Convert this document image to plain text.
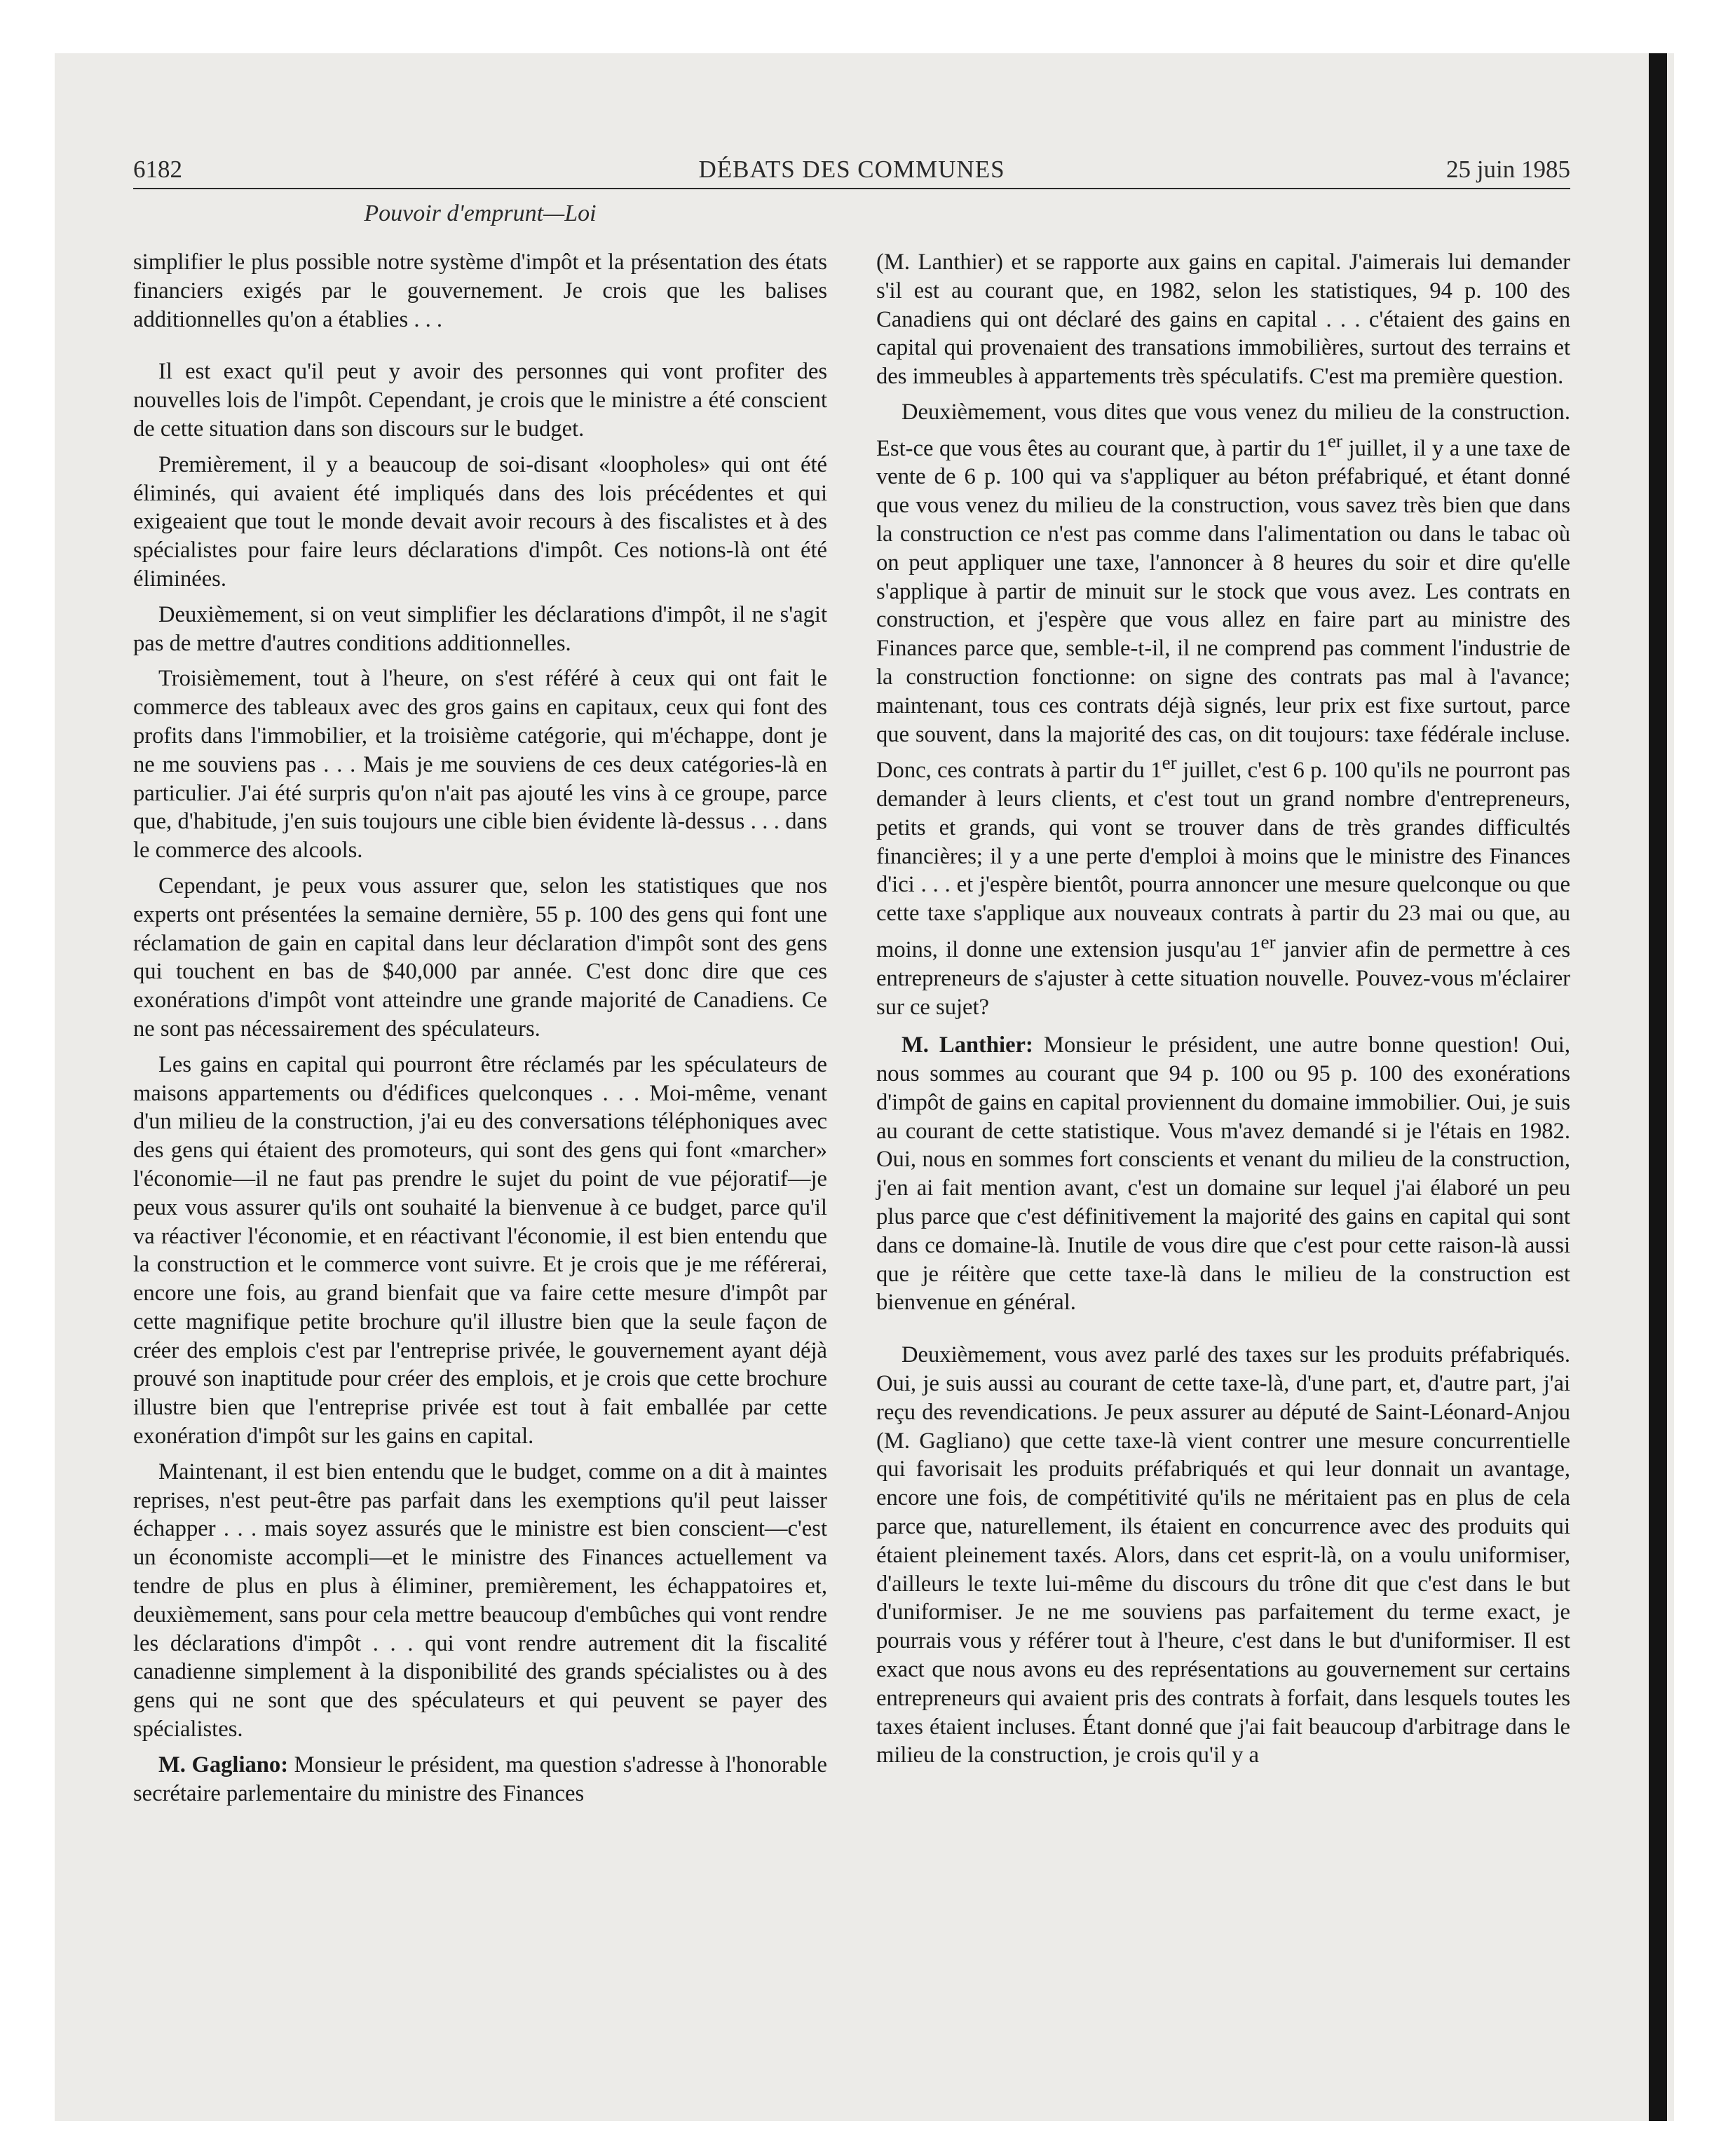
6182	DÉBATS DES COMMUNES	25 juin 1985
Pouvoir d'emprunt—Loi

simplifier le plus possible notre système d'impôt et la présentation des états financiers exigés par le gouvernement. Je crois que les balises additionnelles qu'on a établies . . .

Il est exact qu'il peut y avoir des personnes qui vont profiter des nouvelles lois de l'impôt. Cependant, je crois que le ministre a été conscient de cette situation dans son discours sur le budget.

Premièrement, il y a beaucoup de soi-disant «loopholes» qui ont été éliminés, qui avaient été impliqués dans des lois précédentes et qui exigeaient que tout le monde devait avoir recours à des fiscalistes et à des spécialistes pour faire leurs déclarations d'impôt. Ces notions-là ont été éliminées.

Deuxièmement, si on veut simplifier les déclarations d'impôt, il ne s'agit pas de mettre d'autres conditions additionnelles.

Troisièmement, tout à l'heure, on s'est référé à ceux qui ont fait le commerce des tableaux avec des gros gains en capitaux, ceux qui font des profits dans l'immobilier, et la troisième catégorie, qui m'échappe, dont je ne me souviens pas . . . Mais je me souviens de ces deux catégories-là en particulier. J'ai été surpris qu'on n'ait pas ajouté les vins à ce groupe, parce que, d'habitude, j'en suis toujours une cible bien évidente là-dessus . . . dans le commerce des alcools.

Cependant, je peux vous assurer que, selon les statistiques que nos experts ont présentées la semaine dernière, 55 p. 100 des gens qui font une réclamation de gain en capital dans leur déclaration d'impôt sont des gens qui touchent en bas de $40,000 par année. C'est donc dire que ces exonérations d'impôt vont atteindre une grande majorité de Canadiens. Ce ne sont pas nécessairement des spéculateurs.

Les gains en capital qui pourront être réclamés par les spéculateurs de maisons appartements ou d'édifices quelconques . . . Moi-même, venant d'un milieu de la construction, j'ai eu des conversations téléphoniques avec des gens qui étaient des promoteurs, qui sont des gens qui font «marcher» l'économie—il ne faut pas prendre le sujet du point de vue péjoratif—je peux vous assurer qu'ils ont souhaité la bienvenue à ce budget, parce qu'il va réactiver l'économie, et en réactivant l'économie, il est bien entendu que la construction et le commerce vont suivre. Et je crois que je me référerai, encore une fois, au grand bienfait que va faire cette mesure d'impôt par cette magnifique petite brochure qu'il illustre bien que la seule façon de créer des emplois c'est par l'entreprise privée, le gouvernement ayant déjà prouvé son inaptitude pour créer des emplois, et je crois que cette brochure illustre bien que l'entreprise privée est tout à fait emballée par cette exonération d'impôt sur les gains en capital.

Maintenant, il est bien entendu que le budget, comme on a dit à maintes reprises, n'est peut-être pas parfait dans les exemptions qu'il peut laisser échapper . . . mais soyez assurés que le ministre est bien conscient—c'est un économiste accompli—et le ministre des Finances actuellement va tendre de plus en plus à éliminer, premièrement, les échappatoires et, deuxièmement, sans pour cela mettre beaucoup d'embûches qui vont rendre les déclarations d'impôt . . . qui vont rendre autrement dit la fiscalité canadienne simplement à la disponibilité des grands spécialistes ou à des gens qui ne sont que des spéculateurs et qui peuvent se payer des spécialistes.

M. Gagliano: Monsieur le président, ma question s'adresse à l'honorable secrétaire parlementaire du ministre des Finances

(M. Lanthier) et se rapporte aux gains en capital. J'aimerais lui demander s'il est au courant que, en 1982, selon les statistiques, 94 p. 100 des Canadiens qui ont déclaré des gains en capital . . . c'étaient des gains en capital qui provenaient des transations immobilières, surtout des terrains et des immeubles à appartements très spéculatifs. C'est ma première question.

Deuxièmement, vous dites que vous venez du milieu de la construction. Est-ce que vous êtes au courant que, à partir du 1er juillet, il y a une taxe de vente de 6 p. 100 qui va s'appliquer au béton préfabriqué, et étant donné que vous venez du milieu de la construction, vous savez très bien que dans la construction ce n'est pas comme dans l'alimentation ou dans le tabac où on peut appliquer une taxe, l'annoncer à 8 heures du soir et dire qu'elle s'applique à partir de minuit sur le stock que vous avez. Les contrats en construction, et j'espère que vous allez en faire part au ministre des Finances parce que, semble-t-il, il ne comprend pas comment l'industrie de la construction fonctionne: on signe des contrats pas mal à l'avance; maintenant, tous ces contrats déjà signés, leur prix est fixe surtout, parce que souvent, dans la majorité des cas, on dit toujours: taxe fédérale incluse. Donc, ces contrats à partir du 1er juillet, c'est 6 p. 100 qu'ils ne pourront pas demander à leurs clients, et c'est tout un grand nombre d'entrepreneurs, petits et grands, qui vont se trouver dans de très grandes difficultés financières; il y a une perte d'emploi à moins que le ministre des Finances d'ici . . . et j'espère bientôt, pourra annoncer une mesure quelconque ou que cette taxe s'applique aux nouveaux contrats à partir du 23 mai ou que, au moins, il donne une extension jusqu'au 1er janvier afin de permettre à ces entrepreneurs de s'ajuster à cette situation nouvelle. Pouvez-vous m'éclairer sur ce sujet?

M. Lanthier: Monsieur le président, une autre bonne question! Oui, nous sommes au courant que 94 p. 100 ou 95 p. 100 des exonérations d'impôt de gains en capital proviennent du domaine immobilier. Oui, je suis au courant de cette statistique. Vous m'avez demandé si je l'étais en 1982. Oui, nous en sommes fort conscients et venant du milieu de la construction, j'en ai fait mention avant, c'est un domaine sur lequel j'ai élaboré un peu plus parce que c'est définitivement la majorité des gains en capital qui sont dans ce domaine-là. Inutile de vous dire que c'est pour cette raison-là aussi que je réitère que cette taxe-là dans le milieu de la construction est bienvenue en général.

Deuxièmement, vous avez parlé des taxes sur les produits préfabriqués. Oui, je suis aussi au courant de cette taxe-là, d'une part, et, d'autre part, j'ai reçu des revendications. Je peux assurer au député de Saint-Léonard-Anjou (M. Gagliano) que cette taxe-là vient contrer une mesure concurrentielle qui favorisait les produits préfabriqués et qui leur donnait un avantage, encore une fois, de compétitivité qu'ils ne méritaient pas en plus de cela parce que, naturellement, ils étaient en concurrence avec des produits qui étaient pleinement taxés. Alors, dans cet esprit-là, on a voulu uniformiser, d'ailleurs le texte lui-même du discours du trône dit que c'est dans le but d'uniformiser. Je ne me souviens pas parfaitement du terme exact, je pourrais vous y référer tout à l'heure, c'est dans le but d'uniformiser. Il est exact que nous avons eu des représentations au gouvernement sur certains entrepreneurs qui avaient pris des contrats à forfait, dans lesquels toutes les taxes étaient incluses. Étant donné que j'ai fait beaucoup d'arbitrage dans le milieu de la construction, je crois qu'il y a
